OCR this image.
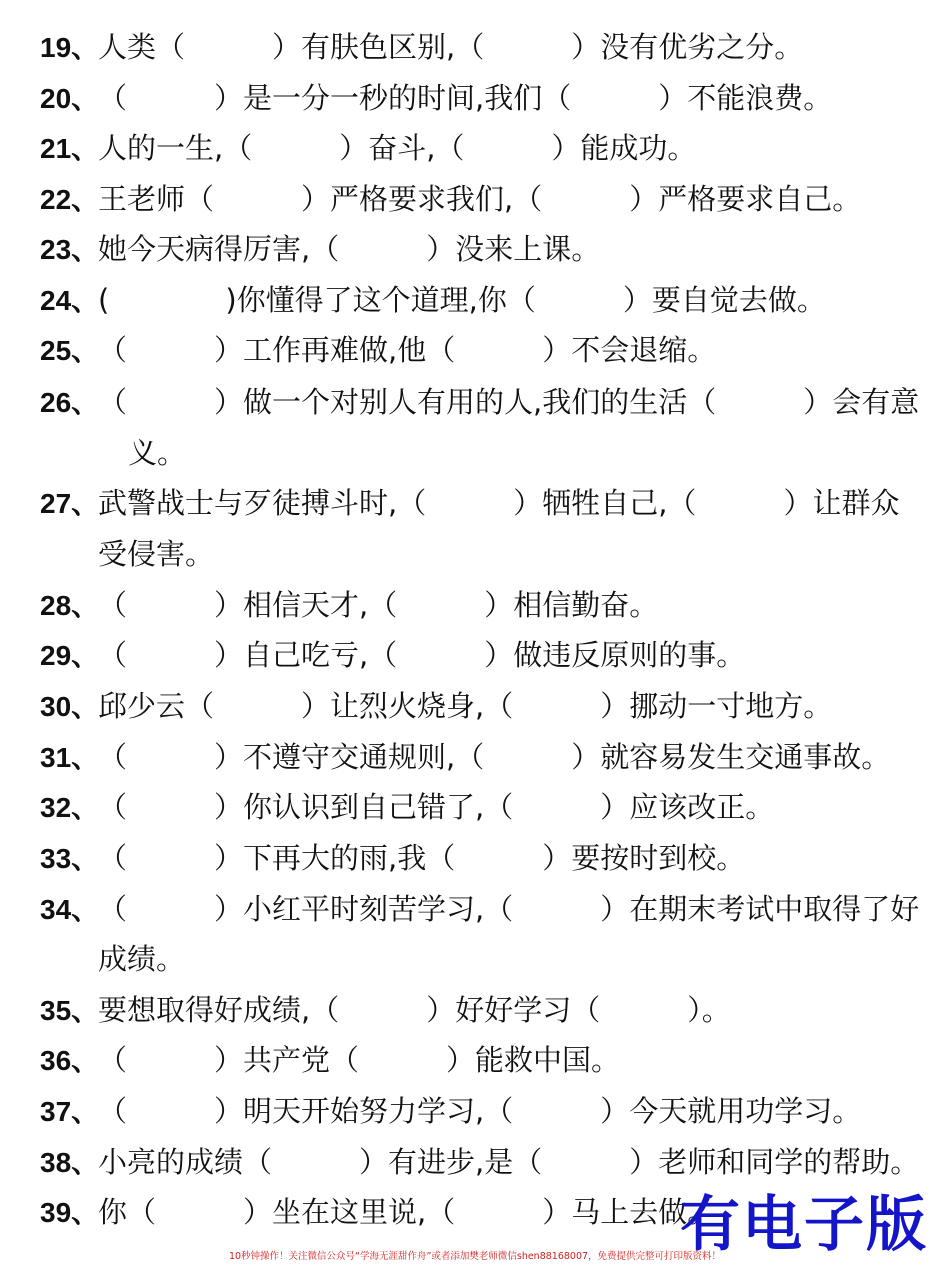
19、人类（　　　）有肤色区别,（　　　）没有优劣之分。
20、（　　　）是一分一秒的时间,我们（　　　）不能浪费。
21、人的一生,（　　　）奋斗,（　　　）能成功。
22、王老师（　　　）严格要求我们,（　　　）严格要求自己。
23、她今天病得厉害,（　　　）没来上课。
24、(　　　　)你懂得了这个道理,你（　　　）要自觉去做。
25、（　　　）工作再难做,他（　　　）不会退缩。
26、（　　　）做一个对别人有用的人,我们的生活（　　　）会有意
义。
27、武警战士与歹徒搏斗时,（　　　）牺牲自己,（　　　）让群众
受侵害。
28、（　　　）相信天才,（　　　）相信勤奋。
29、（　　　）自己吃亏,（　　　）做违反原则的事。
30、邱少云（　　　）让烈火烧身,（　　　）挪动一寸地方。
31、（　　　）不遵守交通规则,（　　　）就容易发生交通事故。
32、（　　　）你认识到自己错了,（　　　）应该改正。
33、（　　　）下再大的雨,我（　　　）要按时到校。
34、（　　　）小红平时刻苦学习,（　　　）在期末考试中取得了好
成绩。
35、要想取得好成绩,（　　　）好好学习（　　　）。
36、（　　　）共产党（　　　）能救中国。
37、（　　　）明天开始努力学习,（　　　）今天就用功学习。
38、小亮的成绩（　　　）有进步,是（　　　）老师和同学的帮助。
39、你（　　　）坐在这里说,（　　　）马上去做。
有电子版
10秒钟操作！关注微信公众号“学海无涯甜作舟”或者添加樊老师微信shen88168007，免费提供完整可打印版资料！
